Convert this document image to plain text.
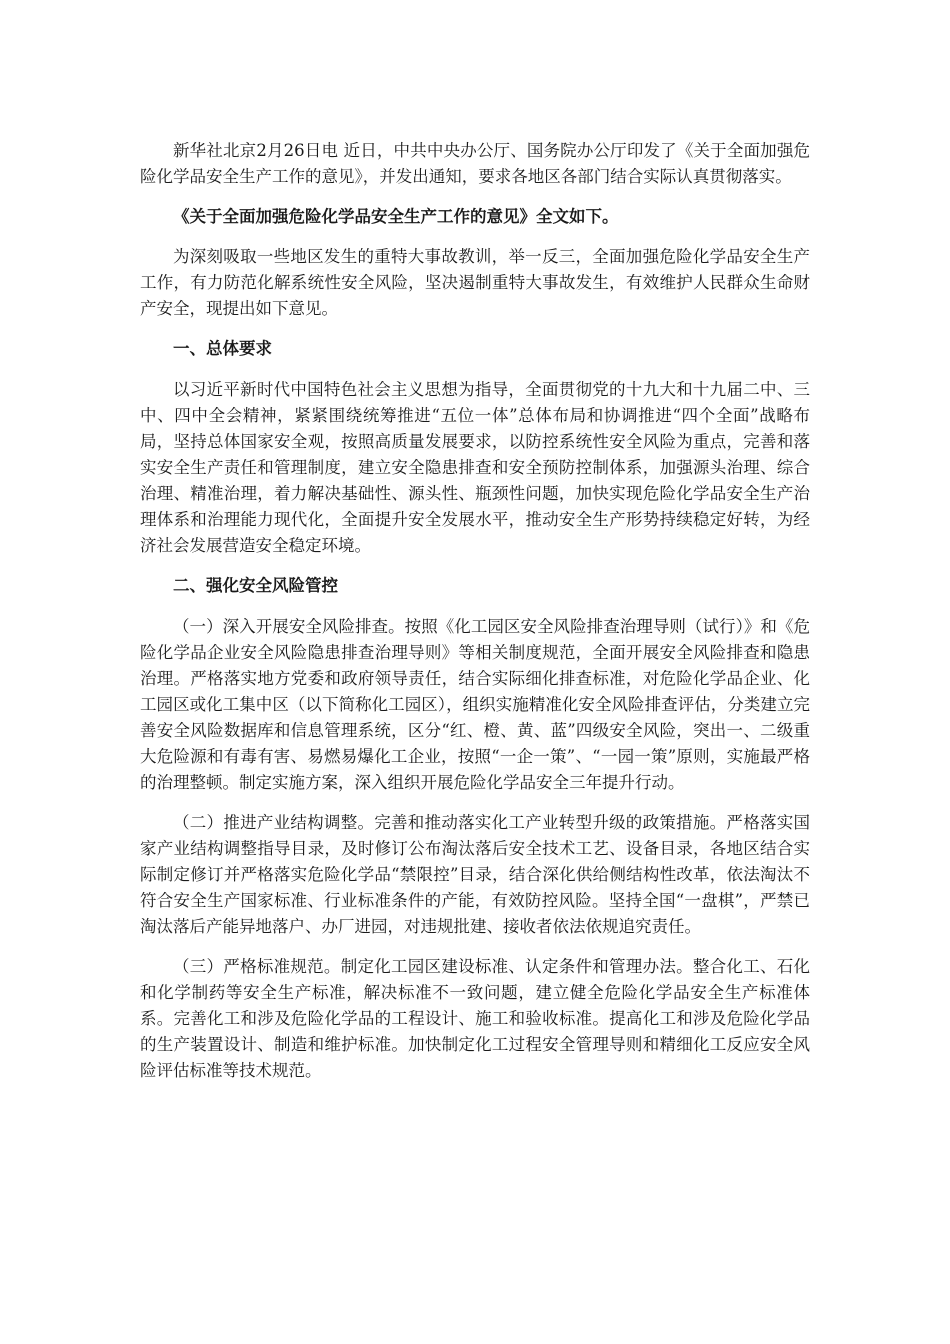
新华社北京2月26日电 近日，中共中央办公厅、国务院办公厅印发了《关于全面加强危险化学品安全生产工作的意见》，并发出通知，要求各地区各部门结合实际认真贯彻落实。

《关于全面加强危险化学品安全生产工作的意见》全文如下。

为深刻吸取一些地区发生的重特大事故教训，举一反三，全面加强危险化学品安全生产工作，有力防范化解系统性安全风险，坚决遏制重特大事故发生，有效维护人民群众生命财产安全，现提出如下意见。

一、总体要求

以习近平新时代中国特色社会主义思想为指导，全面贯彻党的十九大和十九届二中、三中、四中全会精神，紧紧围绕统筹推进“五位一体”总体布局和协调推进“四个全面”战略布局，坚持总体国家安全观，按照高质量发展要求，以防控系统性安全风险为重点，完善和落实安全生产责任和管理制度，建立安全隐患排查和安全预防控制体系，加强源头治理、综合治理、精准治理，着力解决基础性、源头性、瓶颈性问题，加快实现危险化学品安全生产治理体系和治理能力现代化，全面提升安全发展水平，推动安全生产形势持续稳定好转，为经济社会发展营造安全稳定环境。

二、强化安全风险管控

（一）深入开展安全风险排查。按照《化工园区安全风险排查治理导则（试行）》和《危险化学品企业安全风险隐患排查治理导则》等相关制度规范，全面开展安全风险排查和隐患治理。严格落实地方党委和政府领导责任，结合实际细化排查标准，对危险化学品企业、化工园区或化工集中区（以下简称化工园区），组织实施精准化安全风险排查评估，分类建立完善安全风险数据库和信息管理系统，区分“红、橙、黄、蓝”四级安全风险，突出一、二级重大危险源和有毒有害、易燃易爆化工企业，按照“一企一策”、“一园一策”原则，实施最严格的治理整顿。制定实施方案，深入组织开展危险化学品安全三年提升行动。

（二）推进产业结构调整。完善和推动落实化工产业转型升级的政策措施。严格落实国家产业结构调整指导目录，及时修订公布淘汰落后安全技术工艺、设备目录，各地区结合实际制定修订并严格落实危险化学品“禁限控”目录，结合深化供给侧结构性改革，依法淘汰不符合安全生产国家标准、行业标准条件的产能，有效防控风险。坚持全国“一盘棋”，严禁已淘汰落后产能异地落户、办厂进园，对违规批建、接收者依法依规追究责任。

（三）严格标准规范。制定化工园区建设标准、认定条件和管理办法。整合化工、石化和化学制药等安全生产标准，解决标准不一致问题，建立健全危险化学品安全生产标准体系。完善化工和涉及危险化学品的工程设计、施工和验收标准。提高化工和涉及危险化学品的生产装置设计、制造和维护标准。加快制定化工过程安全管理导则和精细化工反应安全风险评估标准等技术规范。
